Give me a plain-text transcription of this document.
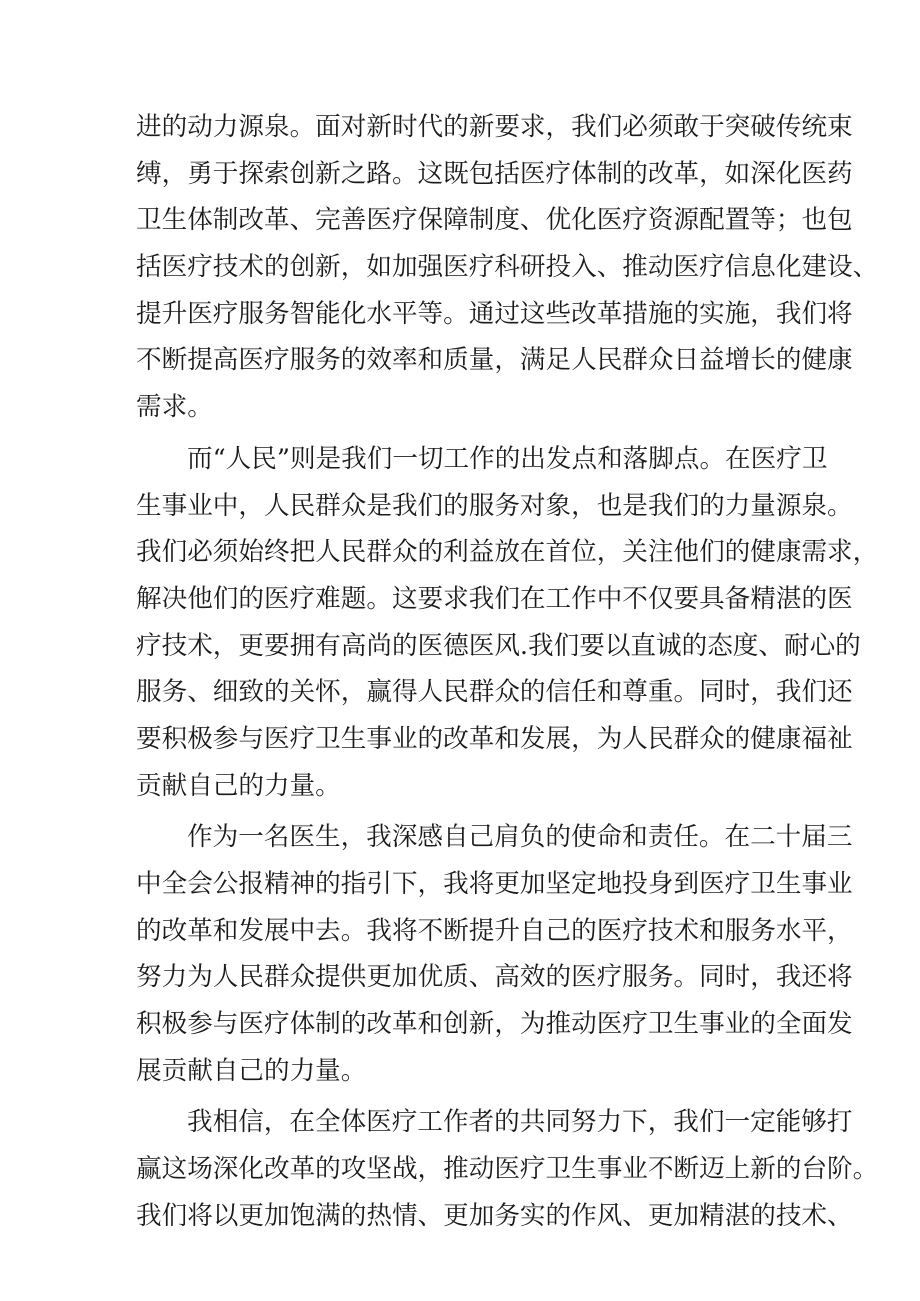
进的动力源泉。面对新时代的新要求，我们必须敢于突破传统束
缚，勇于探索创新之路。这既包括医疗体制的改革，如深化医药
卫生体制改革、完善医疗保障制度、优化医疗资源配置等；也包
括医疗技术的创新，如加强医疗科研投入、推动医疗信息化建设、
提升医疗服务智能化水平等。通过这些改革措施的实施，我们将
不断提高医疗服务的效率和质量，满足人民群众日益增长的健康
需求。
而“人民”则是我们一切工作的出发点和落脚点。在医疗卫
生事业中，人民群众是我们的服务对象，也是我们的力量源泉。
我们必须始终把人民群众的利益放在首位，关注他们的健康需求，
解决他们的医疗难题。这要求我们在工作中不仅要具备精湛的医
疗技术，更要拥有高尚的医德医风.我们要以直诚的态度、耐心的
服务、细致的关怀，赢得人民群众的信任和尊重。同时，我们还
要积极参与医疗卫生事业的改革和发展，为人民群众的健康福祉
贡献自己的力量。
作为一名医生，我深感自己肩负的使命和责任。在二十届三
中全会公报精神的指引下，我将更加坚定地投身到医疗卫生事业
的改革和发展中去。我将不断提升自己的医疗技术和服务水平，
努力为人民群众提供更加优质、高效的医疗服务。同时，我还将
积极参与医疗体制的改革和创新，为推动医疗卫生事业的全面发
展贡献自己的力量。
我相信，在全体医疗工作者的共同努力下，我们一定能够打
赢这场深化改革的攻坚战，推动医疗卫生事业不断迈上新的台阶。
我们将以更加饱满的热情、更加务实的作风、更加精湛的技术、
